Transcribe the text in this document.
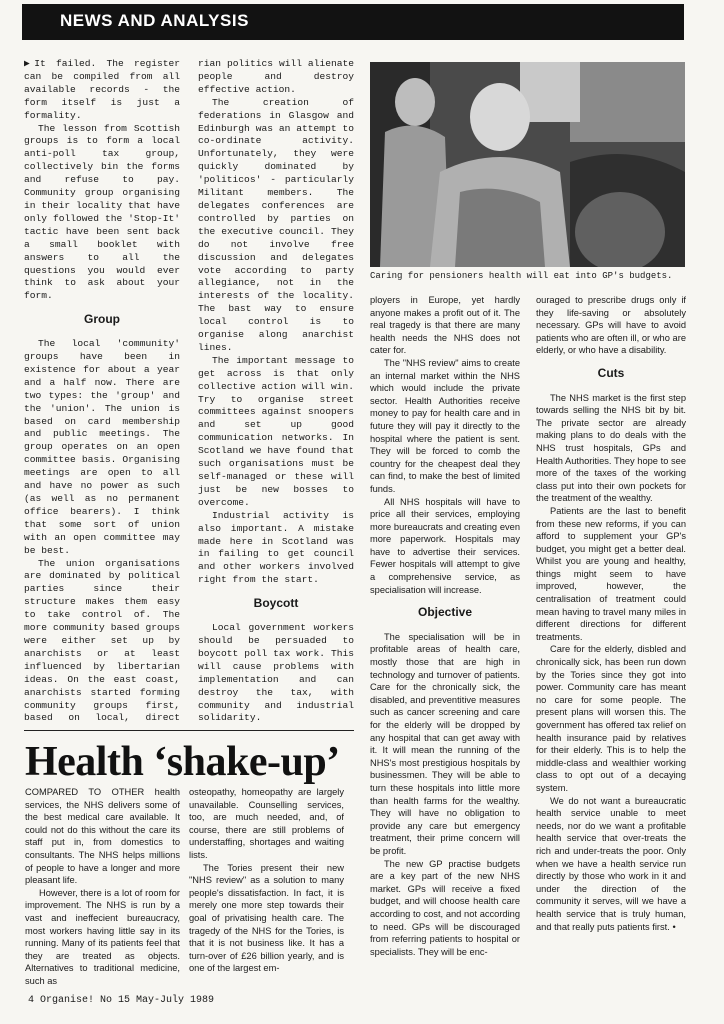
NEWS AND ANALYSIS

▶It failed. The register can be compiled from all available records - the form itself is just a formality.

The lesson from Scottish groups is to form a local anti-poll tax group, collectively bin the forms and refuse to pay. Community group organising in their locality that have only followed the 'Stop-It' tactic have been sent back a small booklet with answers to all the questions you would ever think to ask about your form.

Group

The local 'community' groups have been in existence for about a year and a half now. There are two types: the 'group' and the 'union'. The union is based on card membership and public meetings. The group operates on an open committee basis. Organising meetings are open to all and have no power as such (as well as no permanent office bearers). I think that some sort of union with an open committee may be best.

The union organisations are dominated by political parties since their structure makes them easy to take control of. The more community based groups were either set up by anarchists or at least influenced by libertarian ideas. On the east coast, anarchists started forming community groups first, based on local, direct

rian politics will alienate people and destroy effective action.

The creation of federations in Glasgow and Edinburgh was an attempt to co-ordinate activity. Unfortunately, they were quickly dominated by 'politicos' - particularly Militant members. The delegates conferences are controlled by parties on the executive council. They do not involve free discussion and delegates vote according to party allegiance, not in the interests of the locality. The bast way to ensure local control is to organise along anarchist lines.

The important message to get across is that only collective action will win. Try to organise street committees against snoopers and set up good communication networks. In Scotland we have found that such organisations must be self-managed or these will just be new bosses to overcome.

Industrial activity is also important. A mistake made here in Scotland was in failing to get council and other workers involved right from the start.

Boycott

Local government workers should be persuaded to boycott poll tax work. This will cause problems with implementation and can destroy the tax, with community and industrial solidarity.

Caring for pensioners health will eat into GP's budgets.

ployers in Europe, yet hardly anyone makes a profit out of it. The real tragedy is that there are many health needs the NHS does not cater for.

The "NHS review" aims to create an internal market within the NHS which would include the private sector. Health Authorities receive money to pay for health care and in future they will pay it directly to the hospital where the patient is sent. They will be forced to comb the country for the cheapest deal they can find, to make the best of limited funds.

All NHS hospitals will have to price all their services, employing more bureaucrats and creating even more paperwork. Hospitals may have to advertise their services. Fewer hospitals will attempt to give a comprehensive service, as specialisation will increase.

Objective

The specialisation will be in profitable areas of health care, mostly those that are high in technology and turnover of patients. Care for the chronically sick, the disabled, and preventitive measures such as cancer screening and care for the elderly will be dropped by any hospital that can get away with it. It will mean the running of the NHS's most prestigious hospitals by businessmen. They will be able to turn these hospitals into little more than health farms for the wealthy. They will have no obligation to provide any care but emergency treatment, their prime concern will be profit.

The new GP practise budgets are a key part of the new NHS market. GPs will receive a fixed budget, and will choose health care according to cost, and not according to need. GPs will be discouraged from referring patients to hospital or specialists. They will be enc-

ouraged to prescribe drugs only if they life-saving or absolutely necessary. GPs will have to avoid patients who are often ill, or who are elderly, or who have a disability.

Cuts

The NHS market is the first step towards selling the NHS bit by bit. The private sector are already making plans to do deals with the NHS trust hospitals, GPs and Health Authorities. They hope to see more of the taxes of the working class put into their own pockets for the treatment of the wealthy.

Patients are the last to benefit from these new reforms, if you can afford to supplement your GP's budget, you might get a better deal. Whilst you are young and healthy, things might seem to have improved, however, the centralisation of treatment could mean having to travel many miles in different directions for different treatments.

Care for the elderly, disbled and chronically sick, has been run down by the Tories since they got into power. Community care has meant no care for some people. The present plans will worsen this. The government has offered tax relief on health insurance paid by relatives for their elderly. This is to help the middle-class and wealthier working class to opt out of a decaying system.

We do not want a bureaucratic health service unable to meet needs, nor do we want a profitable health service that over-treats the rich and under-treats the poor. Only when we have a health service run directly by those who work in it and under the direction of the community it serves, will we have a health service that is truly human, and that really puts patients first. •

Health ‘shake-up’

COMPARED TO OTHER health services, the NHS delivers some of the best medical care available. It could not do this without the care its staff put in, from domestics to consultants. The NHS helps millions of people to have a longer and more pleasant life.

However, there is a lot of room for improvement. The NHS is run by a vast and ineffecient bureaucracy, most workers having little say in its running. Many of its patients feel that they are treated as objects. Alternatives to traditional medicine, such as

osteopathy, homeopathy are largely unavailable. Counselling services, too, are much needed, and, of course, there are still problems of understaffing, shortages and waiting lists.

The Tories present their new "NHS review" as a solution to many people's dissatisfaction. In fact, it is merely one more step towards their goal of privatising health care. The tragedy of the NHS for the Tories, is that it is not business like. It has a turn-over of £26 billion yearly, and is one of the largest em-

4 Organise! No 15 May-July 1989
